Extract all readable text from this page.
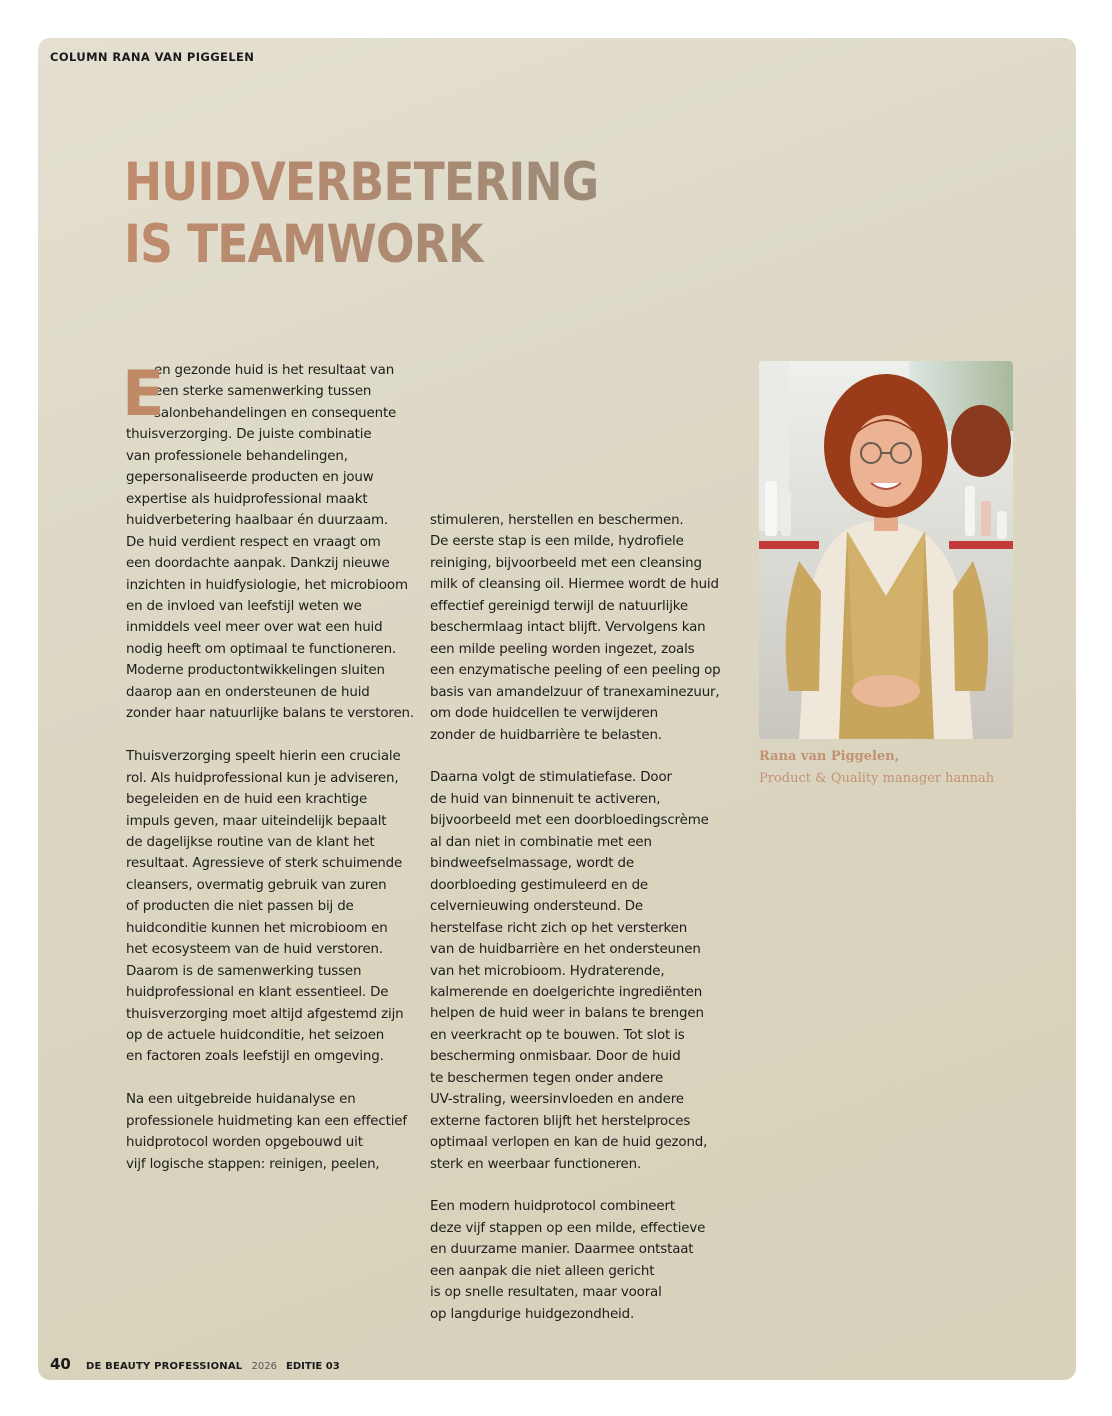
COLUMN RANA VAN PIGGELEN
HUIDVERBETERING
IS TEAMWORK
E
en gezonde huid is het resultaat van
een sterke samenwerking tussen
salonbehandelingen en consequente
thuisverzorging. De juiste combinatie
van professionele behandelingen,
gepersonaliseerde producten en jouw
expertise als huidprofessional maakt
huidverbetering haalbaar én duurzaam.
De huid verdient respect en vraagt om
een doordachte aanpak. Dankzij nieuwe
inzichten in huidfysiologie, het microbioom
en de invloed van leefstijl weten we
inmiddels veel meer over wat een huid
nodig heeft om optimaal te functioneren.
Moderne productontwikkelingen sluiten
daarop aan en ondersteunen de huid
zonder haar natuurlijke balans te verstoren.
Thuisverzorging speelt hierin een cruciale
rol. Als huidprofessional kun je adviseren,
begeleiden en de huid een krachtige
impuls geven, maar uiteindelijk bepaalt
de dagelijkse routine van de klant het
resultaat. Agressieve of sterk schuimende
cleansers, overmatig gebruik van zuren
of producten die niet passen bij de
huidconditie kunnen het microbioom en
het ecosysteem van de huid verstoren.
Daarom is de samenwerking tussen
huidprofessional en klant essentieel. De
thuisverzorging moet altijd afgestemd zijn
op de actuele huidconditie, het seizoen
en factoren zoals leefstijl en omgeving.
Na een uitgebreide huidanalyse en
professionele huidmeting kan een effectief
huidprotocol worden opgebouwd uit
vijf logische stappen: reinigen, peelen,
stimuleren, herstellen en beschermen.
De eerste stap is een milde, hydrofiele
reiniging, bijvoorbeeld met een cleansing
milk of cleansing oil. Hiermee wordt de huid
effectief gereinigd terwijl de natuurlijke
beschermlaag intact blijft. Vervolgens kan
een milde peeling worden ingezet, zoals
een enzymatische peeling of een peeling op
basis van amandelzuur of tranexaminezuur,
om dode huidcellen te verwijderen
zonder de huidbarrière te belasten.
Daarna volgt de stimulatiefase. Door
de huid van binnenuit te activeren,
bijvoorbeeld met een doorbloedingscrème
al dan niet in combinatie met een
bindweefselmassage, wordt de
doorbloeding gestimuleerd en de
celvernieuwing ondersteund. De
herstelfase richt zich op het versterken
van de huidbarrière en het ondersteunen
van het microbioom. Hydraterende,
kalmerende en doelgerichte ingrediënten
helpen de huid weer in balans te brengen
en veerkracht op te bouwen. Tot slot is
bescherming onmisbaar. Door de huid
te beschermen tegen onder andere
UV-straling, weersinvloeden en andere
externe factoren blijft het herstelproces
optimaal verlopen en kan de huid gezond,
sterk en weerbaar functioneren.
Een modern huidprotocol combineert
deze vijf stappen op een milde, effectieve
en duurzame manier. Daarmee ontstaat
een aanpak die niet alleen gericht
is op snelle resultaten, maar vooral
op langdurige huidgezondheid.
Rana van Piggelen,
Product & Quality manager hannah
40 DE BEAUTY PROFESSIONAL 2026 EDITIE 03
